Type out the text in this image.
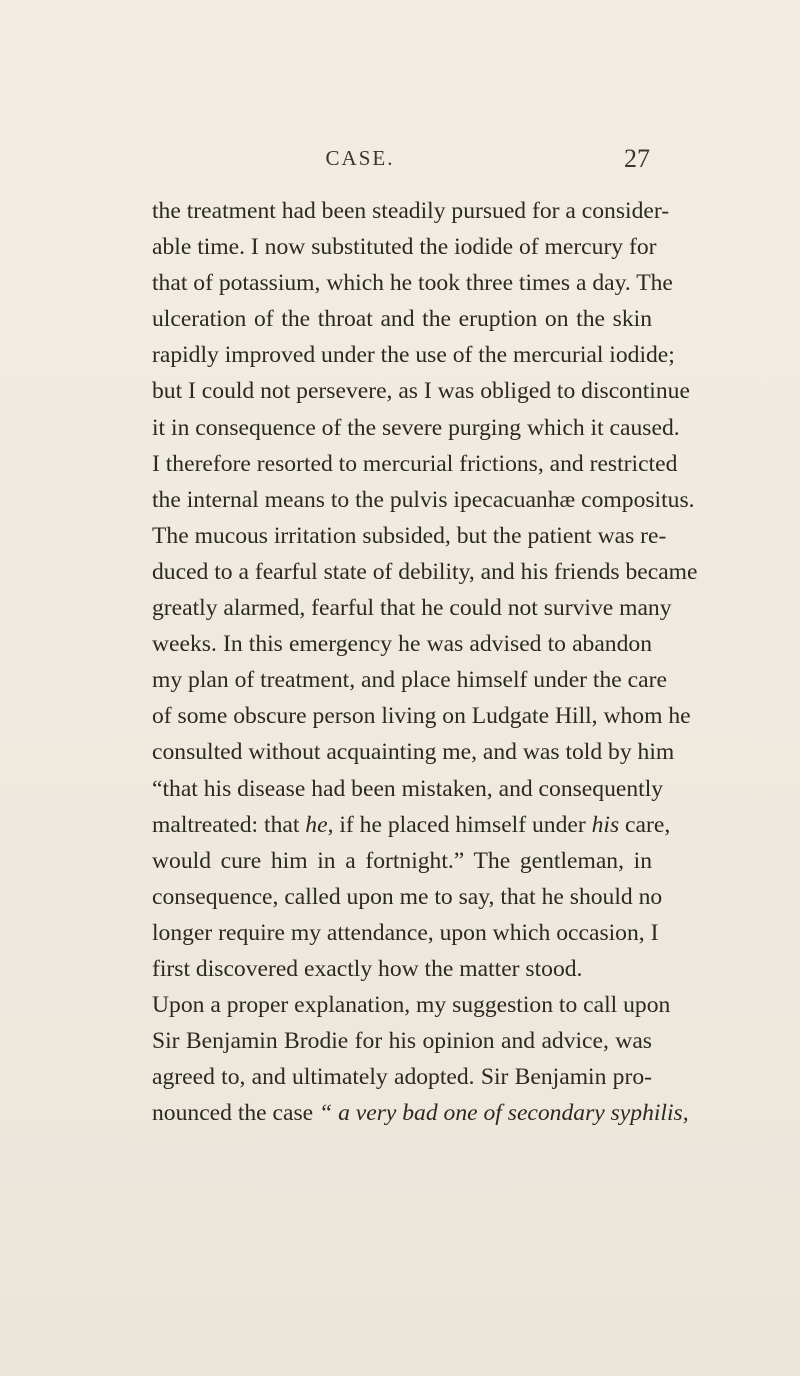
CASE.	27
the treatment had been steadily pursued for a consider-
able time. I now substituted the iodide of mercury for
that of potassium, which he took three times a day. The
ulceration of the throat and the eruption on the skin
rapidly improved under the use of the mercurial iodide;
but I could not persevere, as I was obliged to discontinue
it in consequence of the severe purging which it caused.
I therefore resorted to mercurial frictions, and restricted
the internal means to the pulvis ipecacuanhæ compositus.
The mucous irritation subsided, but the patient was re-
duced to a fearful state of debility, and his friends became
greatly alarmed, fearful that he could not survive many
weeks. In this emergency he was advised to abandon
my plan of treatment, and place himself under the care
of some obscure person living on Ludgate Hill, whom he
consulted without acquainting me, and was told by him
“that his disease had been mistaken, and consequently
maltreated: that he, if he placed himself under his care,
would cure him in a fortnight.” The gentleman, in
consequence, called upon me to say, that he should no
longer require my attendance, upon which occasion, I
first discovered exactly how the matter stood.
Upon a proper explanation, my suggestion to call upon
Sir Benjamin Brodie for his opinion and advice, was
agreed to, and ultimately adopted. Sir Benjamin pro-
nounced the case “ a very bad one of secondary syphilis,
